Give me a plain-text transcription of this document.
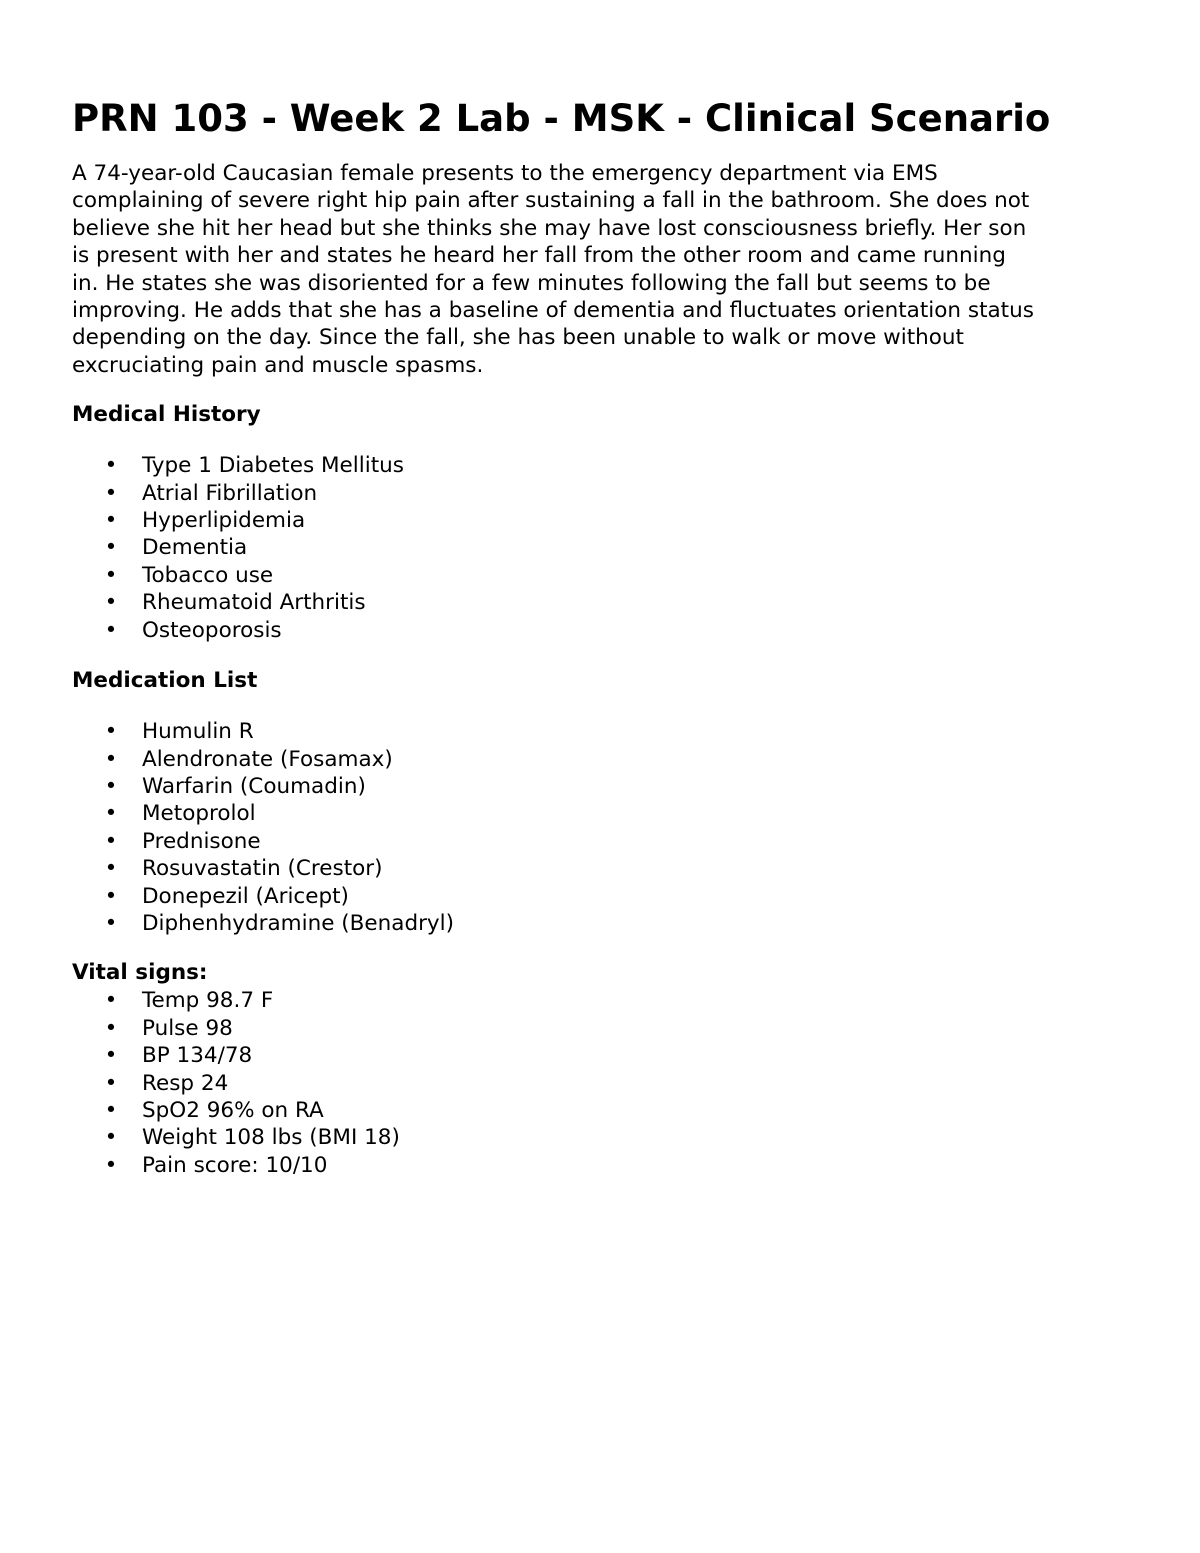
PRN 103 - Week 2 Lab - MSK - Clinical Scenario
A 74-year-old Caucasian female presents to the emergency department via EMS
complaining of severe right hip pain after sustaining a fall in the bathroom. She does not
believe she hit her head but she thinks she may have lost consciousness briefly. Her son
is present with her and states he heard her fall from the other room and came running
in. He states she was disoriented for a few minutes following the fall but seems to be
improving. He adds that she has a baseline of dementia and fluctuates orientation status
depending on the day. Since the fall, she has been unable to walk or move without
excruciating pain and muscle spasms.
Medical History
• Type 1 Diabetes Mellitus
• Atrial Fibrillation
• Hyperlipidemia
• Dementia
• Tobacco use
• Rheumatoid Arthritis
• Osteoporosis
Medication List
• Humulin R
• Alendronate (Fosamax)
• Warfarin (Coumadin)
• Metoprolol
• Prednisone
• Rosuvastatin (Crestor)
• Donepezil (Aricept)
• Diphenhydramine (Benadryl)
Vital signs:
• Temp 98.7 F
• Pulse 98
• BP 134/78
• Resp 24
• SpO2 96% on RA
• Weight 108 lbs (BMI 18)
• Pain score: 10/10
